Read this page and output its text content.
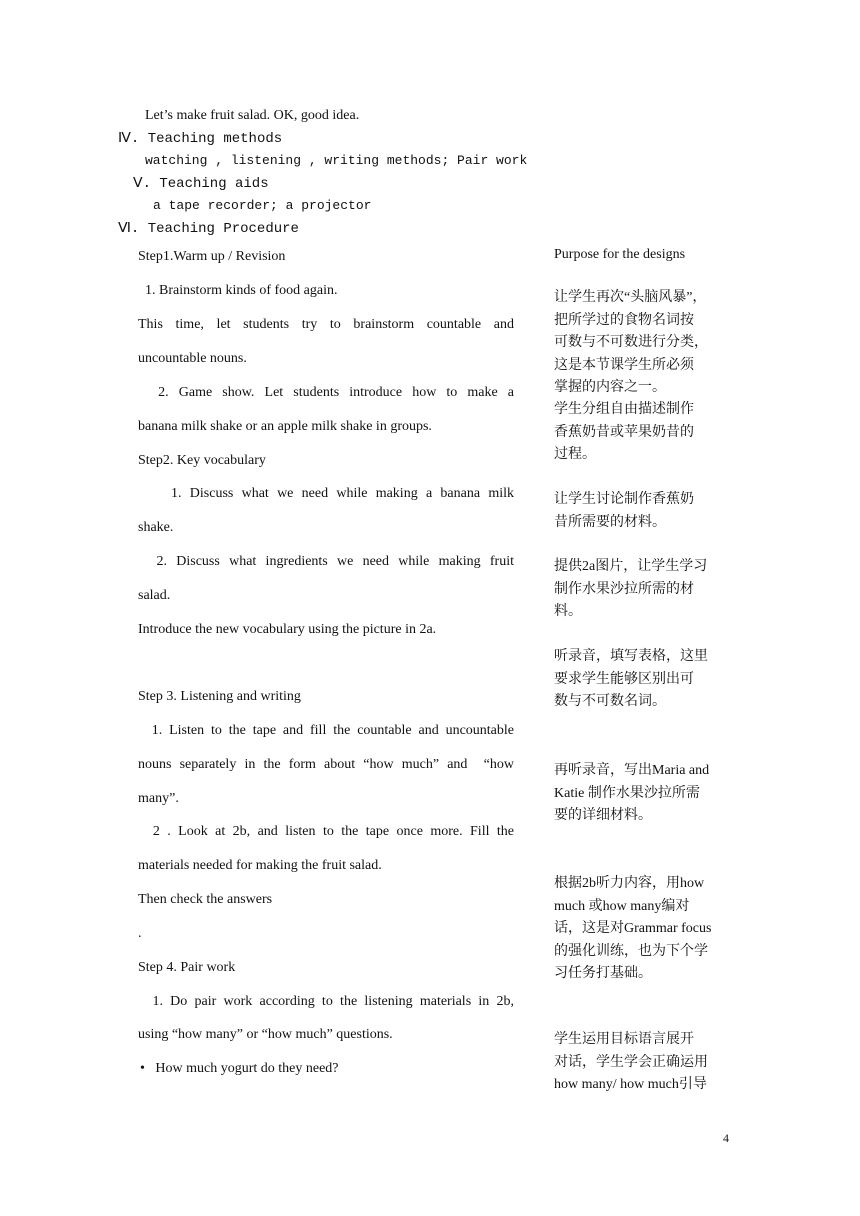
Let’s make fruit salad. OK, good idea.
Ⅳ. Teaching methods
watching , listening , writing methods; Pair work
Ⅴ. Teaching aids
a tape recorder; a projector
Ⅵ. Teaching Procedure
Step1.Warm up / Revision
1. Brainstorm kinds of food again.
This time, let students try to brainstorm countable and
uncountable nouns.
2. Game show. Let students introduce how to make a
banana milk shake or an apple milk shake in groups.
Step2. Key vocabulary
1. Discuss what we need while making a banana milk
shake.
2. Discuss what ingredients we need while making fruit
salad.
Introduce the new vocabulary using the picture in 2a.
Step 3. Listening and writing
1. Listen to the tape and fill the countable and uncountable
nouns separately in the form about “how much” and  “how
many”.
2 . Look at 2b, and listen to the tape once more. Fill the
materials needed for making the fruit salad.
Then check the answers
.
Step 4. Pair work
1. Do pair work according to the listening materials in 2b,
using “how many” or “how much” questions.
•   How much yogurt do they need?
Purpose for the designs
让学生再次“头脑风暴”，
把所学过的食物名词按
可数与不可数进行分类，
这是本节课学生所必须
掌握的内容之一。
学生分组自由描述制作
香蕉奶昔或苹果奶昔的
过程。
让学生讨论制作香蕉奶
昔所需要的材料。
提供2a图片，让学生学习
制作水果沙拉所需的材
料。
听录音，填写表格，这里
要求学生能够区别出可
数与不可数名词。
再听录音，写出Maria and
Katie 制作水果沙拉所需
要的详细材料。
根据2b听力内容，用how
much 或how many编对
话，这是对Grammar focus
的强化训练，也为下个学
习任务打基础。
学生运用目标语言展开
对话，学生学会正确运用
how many/ how much引导
4
